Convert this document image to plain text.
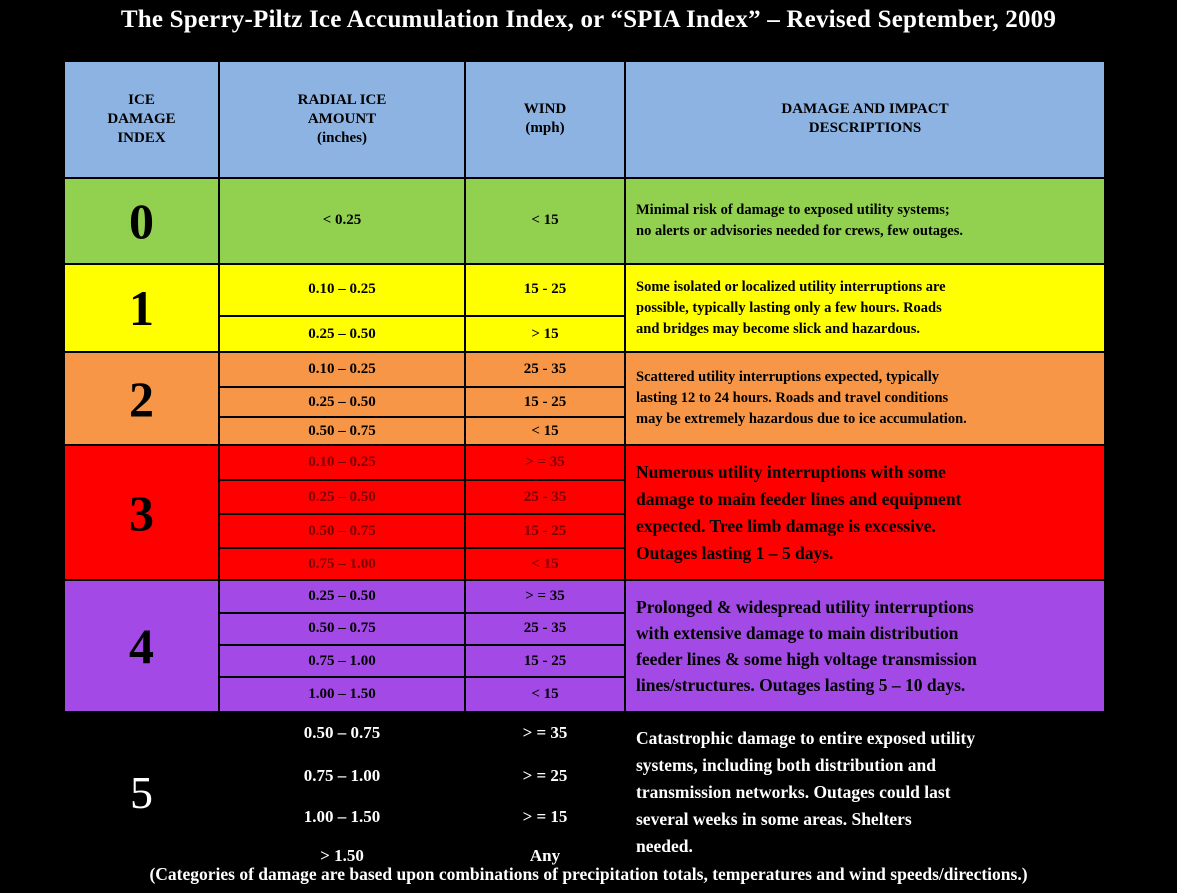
The Sperry-Piltz Ice Accumulation Index, or “SPIA Index” – Revised September, 2009
ICE
DAMAGE
INDEX	RADIAL ICE
AMOUNT
(inches)	WIND
(mph)	DAMAGE AND IMPACT
DESCRIPTIONS
0	< 0.25	< 15	Minimal risk of damage to exposed utility systems;
no alerts or advisories needed for crews, few outages.
1	0.10 – 0.25	15 - 25	Some isolated or localized utility interruptions are
possible, typically lasting only a few hours. Roads
and bridges may become slick and hazardous.
	0.25 – 0.50	> 15	
2	0.10 – 0.25	25 - 35	Scattered utility interruptions expected, typically
lasting 12 to 24 hours. Roads and travel conditions
may be extremely hazardous due to ice accumulation.
	0.25 – 0.50	15 - 25	
	0.50 – 0.75	< 15	
3	0.10 – 0.25	> = 35	Numerous utility interruptions with some
damage to main feeder lines and equipment
expected. Tree limb damage is excessive.
Outages lasting 1 – 5 days.
	0.25 – 0.50	25 - 35	
	0.50 – 0.75	15 - 25	
	0.75 – 1.00	< 15	
4	0.25 – 0.50	> = 35	Prolonged & widespread utility interruptions
with extensive damage to main distribution
feeder lines & some high voltage transmission
lines/structures. Outages lasting 5 – 10 days.
	0.50 – 0.75	25 - 35	
	0.75 – 1.00	15 - 25	
	1.00 – 1.50	< 15	
5	0.50 – 0.75	> = 35	Catastrophic damage to entire exposed utility
systems, including both distribution and
transmission networks. Outages could last
several weeks in some areas. Shelters
needed.
	0.75 – 1.00	> = 25	
	1.00 – 1.50	> = 15	
	> 1.50	Any	
(Categories of damage are based upon combinations of precipitation totals, temperatures and wind speeds/directions.)
